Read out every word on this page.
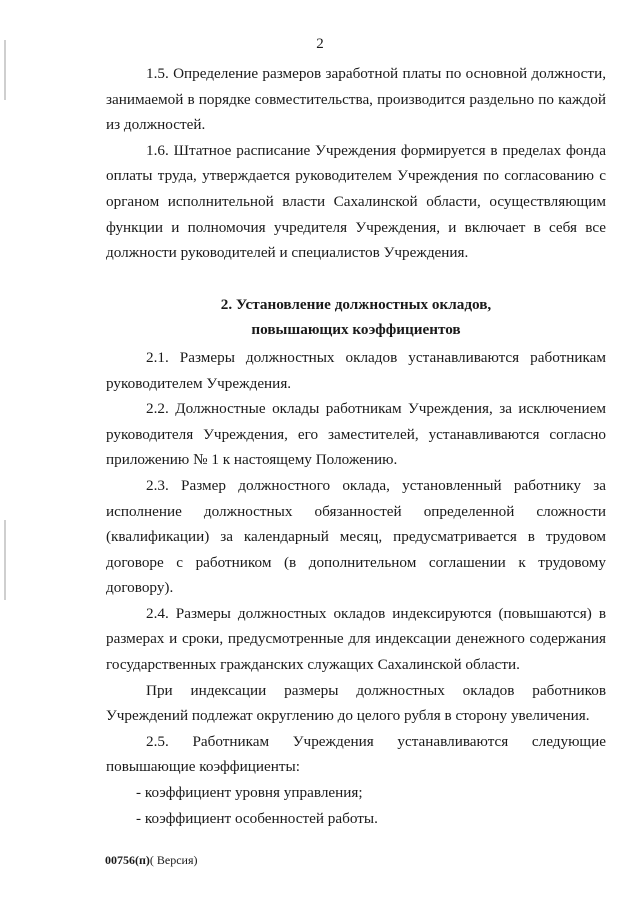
2

1.5. Определение размеров заработной платы по основной должности, занимаемой в порядке совместительства, производится раздельно по каждой из должностей.

1.6. Штатное расписание Учреждения формируется в пределах фонда оплаты труда, утверждается руководителем Учреждения по согласованию с органом исполнительной власти Сахалинской области, осуществляющим функции и полномочия учредителя Учреждения, и включает в себя все должности руководителей и специалистов Учреждения.

2. Установление должностных окладов,

повышающих коэффициентов

2.1. Размеры должностных окладов устанавливаются работникам руководителем Учреждения.

2.2. Должностные оклады работникам Учреждения, за исключением руководителя Учреждения, его заместителей, устанавливаются согласно приложению № 1 к настоящему Положению.

2.3. Размер должностного оклада, установленный работнику за исполнение должностных обязанностей определенной сложности (квалификации) за календарный месяц, предусматривается в трудовом договоре с работником (в дополнительном соглашении к трудовому договору).

2.4. Размеры должностных окладов индексируются (повышаются) в размерах и сроки, предусмотренные для индексации денежного содержания государственных гражданских служащих Сахалинской области.

При индексации размеры должностных окладов работников Учреждений подлежат округлению до целого рубля в сторону увеличения.

2.5. Работникам Учреждения устанавливаются следующие повышающие коэффициенты:

- коэффициент уровня управления;

- коэффициент особенностей работы.

00756(п)( Версия)
